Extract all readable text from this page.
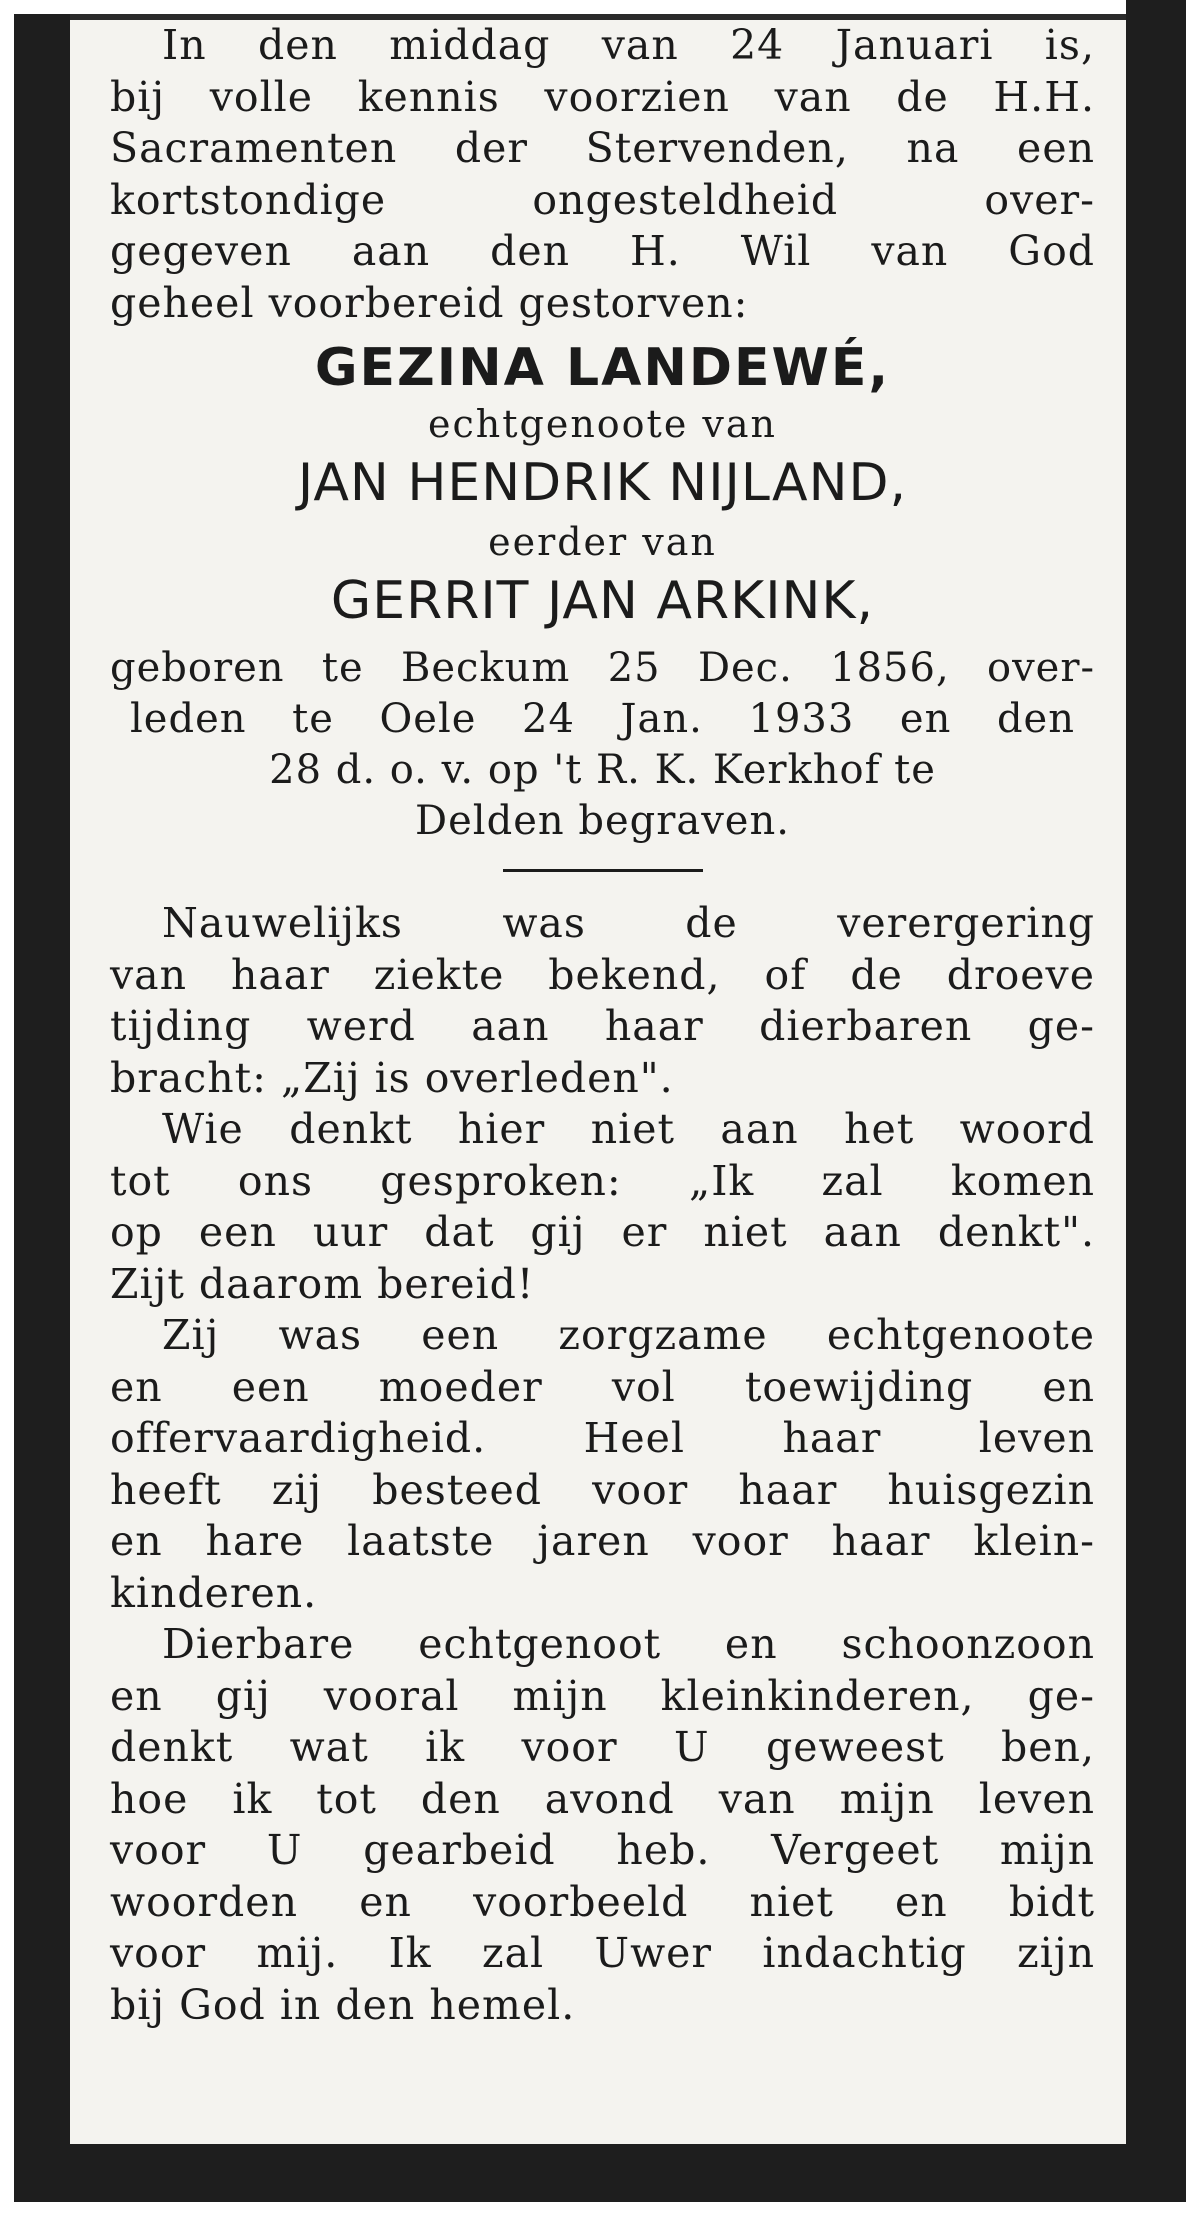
In den middag van 24 Januari is,
bij volle kennis voorzien van de H.H.
Sacramenten der Stervenden, na een
kortstondige ongesteldheid over-
gegeven aan den H. Wil van God
geheel voorbereid gestorven:
GEZINA LANDEWÉ,
echtgenoote van
JAN HENDRIK NIJLAND,
eerder van
GERRIT JAN ARKINK,
geboren te Beckum 25 Dec. 1856, over-
leden te Oele 24 Jan. 1933 en den
28 d. o. v. op 't R. K. Kerkhof te
Delden begraven.
Nauwelijks was de verergering
van haar ziekte bekend, of de droeve
tijding werd aan haar dierbaren ge-
bracht: „Zij is overleden".
Wie denkt hier niet aan het woord
tot ons gesproken: „Ik zal komen
op een uur dat gij er niet aan denkt".
Zijt daarom bereid!
Zij was een zorgzame echtgenoote
en een moeder vol toewijding en
offervaardigheid. Heel haar leven
heeft zij besteed voor haar huisgezin
en hare laatste jaren voor haar klein-
kinderen.
Dierbare echtgenoot en schoonzoon
en gij vooral mijn kleinkinderen, ge-
denkt wat ik voor U geweest ben,
hoe ik tot den avond van mijn leven
voor U gearbeid heb. Vergeet mijn
woorden en voorbeeld niet en bidt
voor mij. Ik zal Uwer indachtig zijn
bij God in den hemel.
